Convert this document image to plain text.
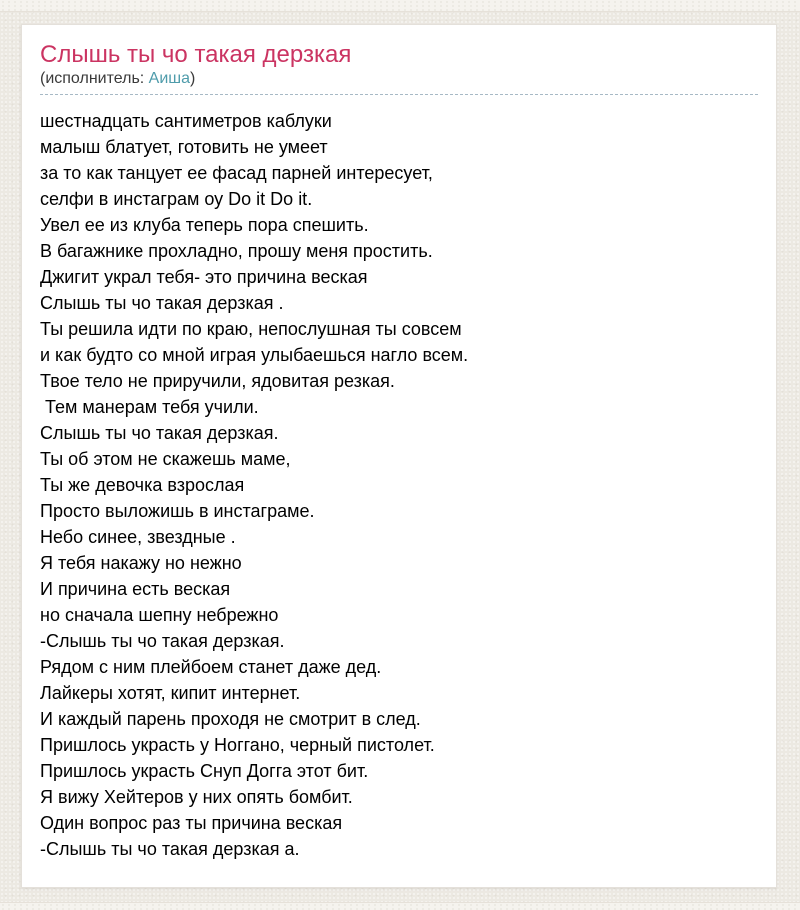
Слышь ты чо такая дерзкая
(исполнитель: Аиша)
шестнадцать сантиметров каблуки
малыш блатует, готовить не умеет
за то как танцует ее фасад парней интересует,
селфи в инстаграм оу Do it Do it.
Увел ее из клуба теперь пора спешить.
В багажнике прохладно, прошу меня простить.
Джигит украл тебя- это причина веская
Слышь ты чо такая дерзкая .
Ты решила идти по краю, непослушная ты совсем
и как будто со мной играя улыбаешься нагло всем.
Твое тело не приручили, ядовитая резкая.
Тем манерам тебя учили.
Слышь ты чо такая дерзкая.
Ты об этом не скажешь маме,
Ты же девочка взрослая
Просто выложишь в инстаграме.
Небо синее, звездные .
Я тебя накажу но нежно
И причина есть веская
но сначала шепну небрежно
-Слышь ты чо такая дерзкая.
Рядом с ним плейбоем станет даже дед.
Лайкеры хотят, кипит интернет.
И каждый парень проходя не смотрит в след.
Пришлось украсть у Ноггано, черный пистолет.
Пришлось украсть Снуп Догга этот бит.
Я вижу Хейтеров у них опять бомбит.
Один вопрос раз ты причина веская
-Слышь ты чо такая дерзкая а.
